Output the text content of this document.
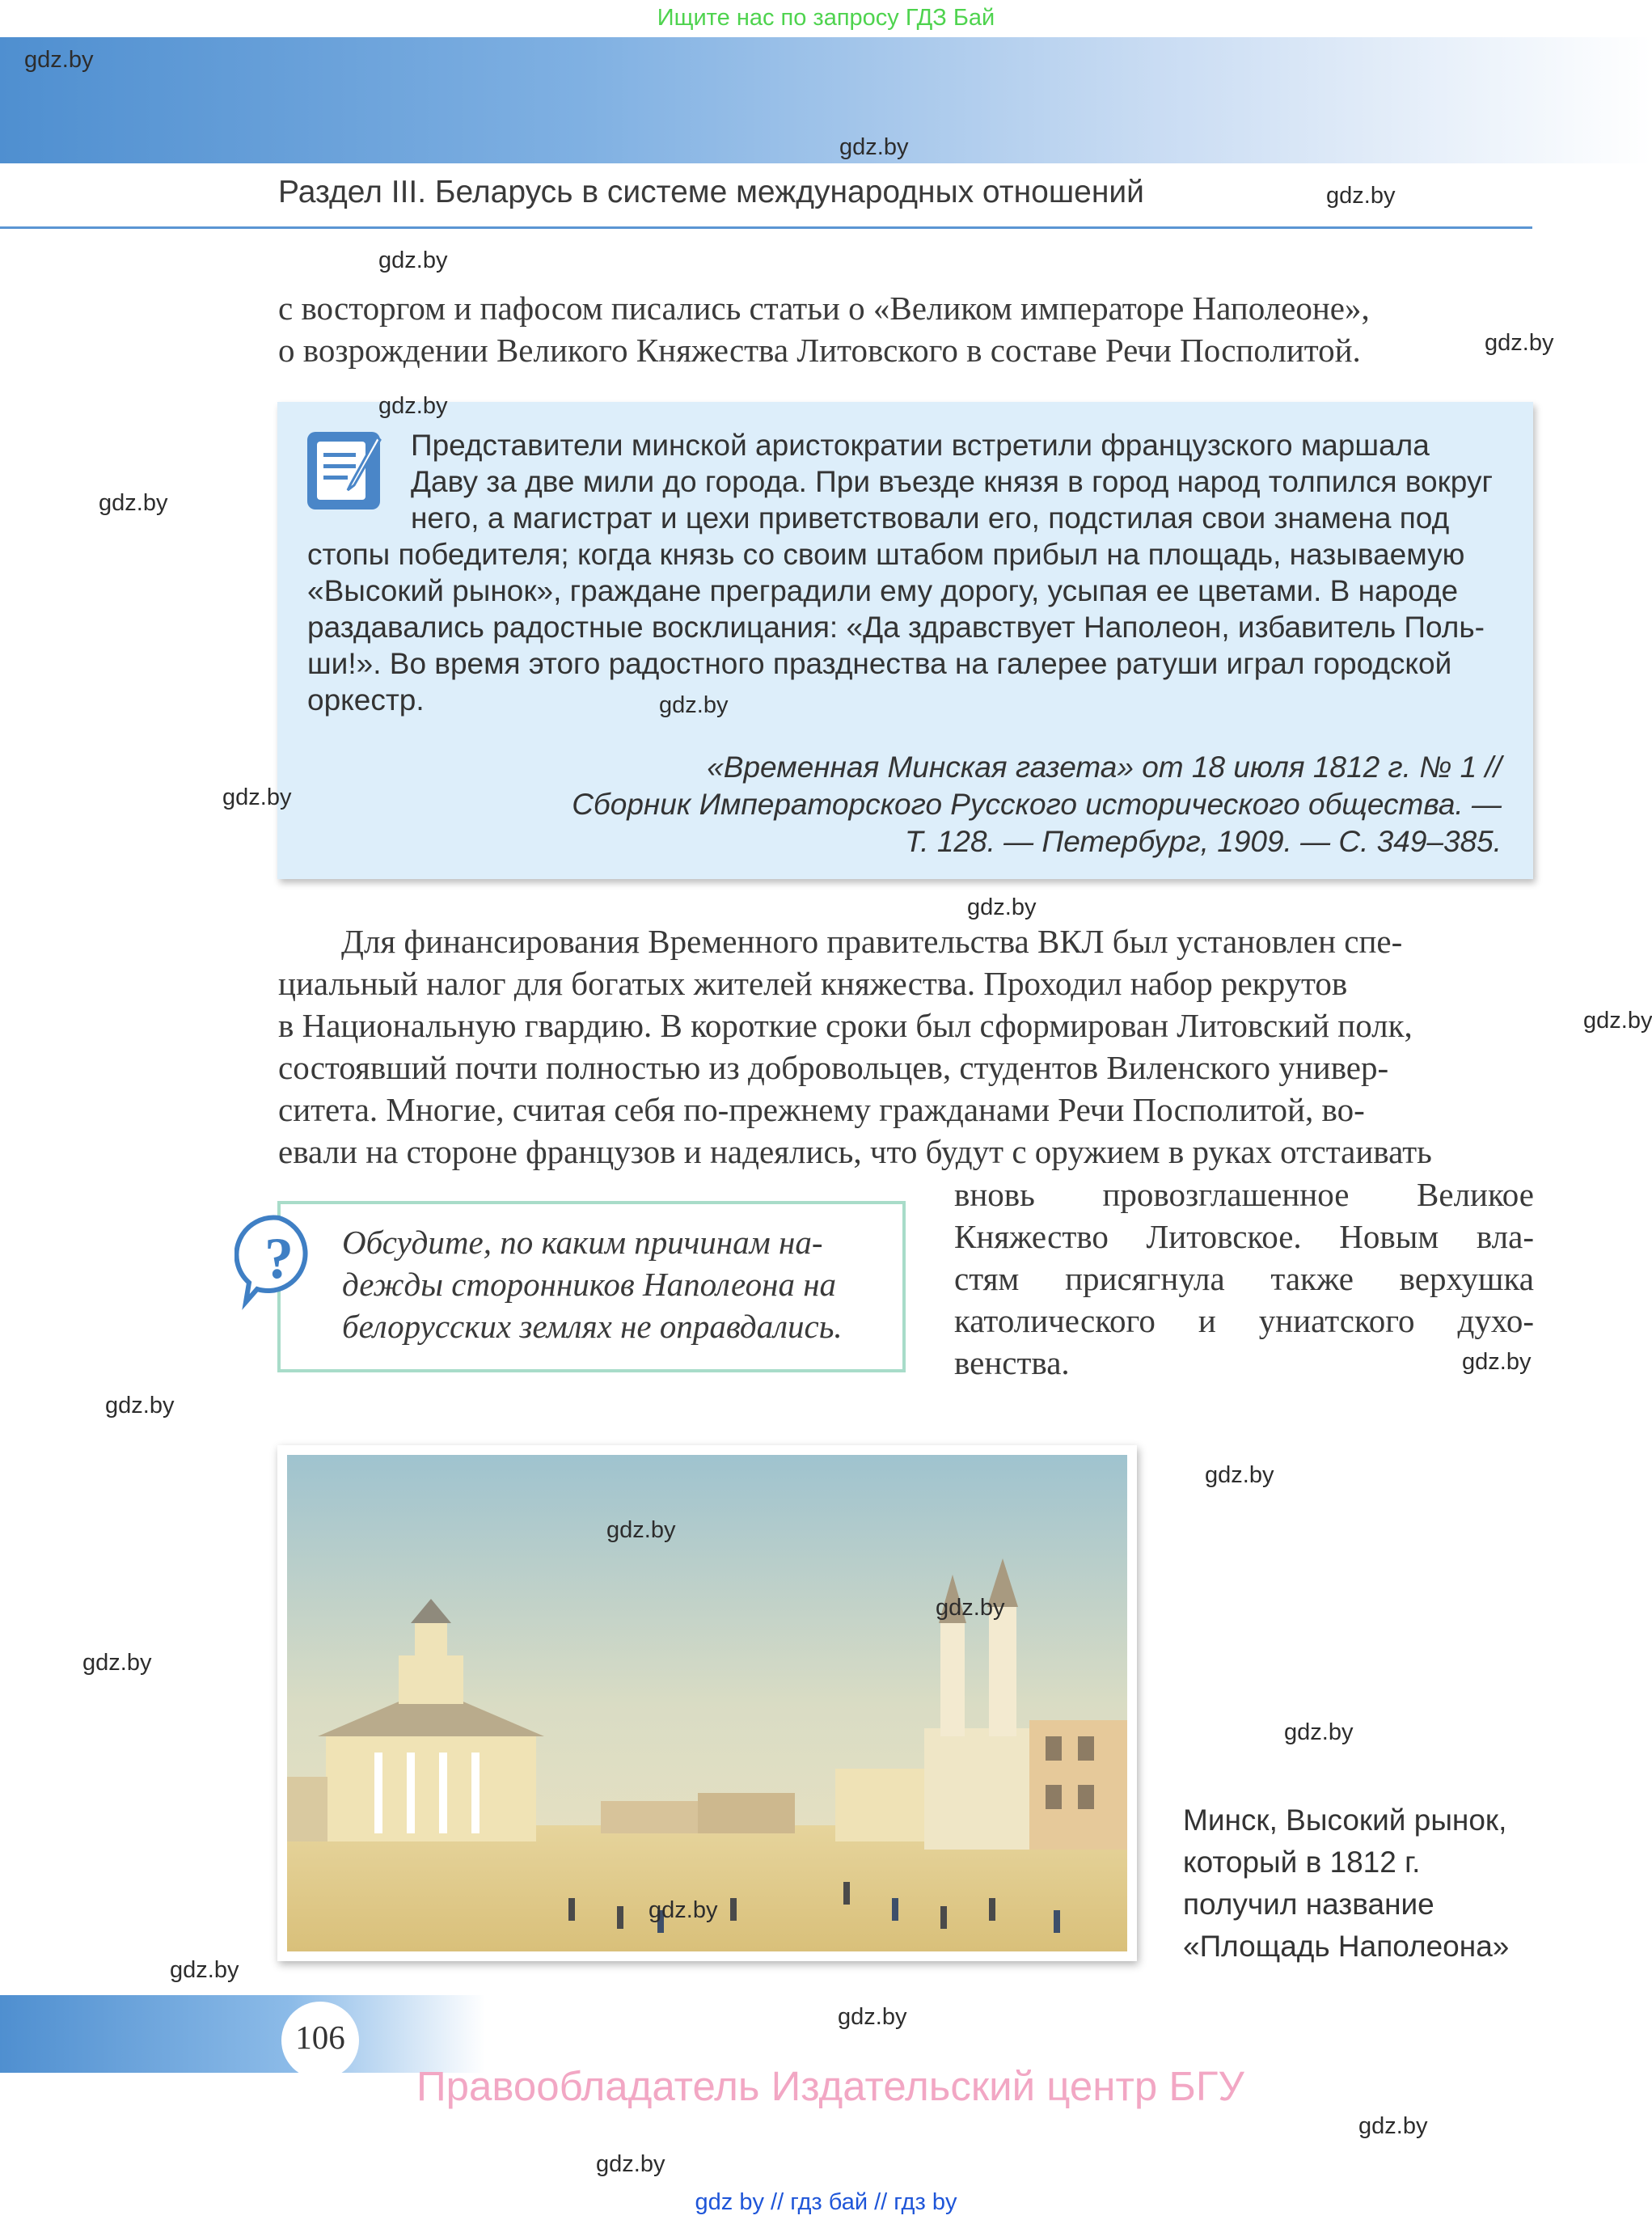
Ищите нас по запросу ГДЗ Бай
Раздел III. Беларусь в системе международных отношений
с восторгом и пафосом писались статьи о «Великом императоре Наполеоне»,
о возрождении Великого Княжества Литовского в составе Речи Посполитой.
Представители минской аристократии встретили французского маршала
Даву за две мили до города. При въезде князя в город народ толпился вокруг
него, а магистрат и цехи приветствовали его, подстилая свои знамена под
стопы победителя; когда князь со своим штабом прибыл на площадь, называемую
«Высокий рынок», граждане преградили ему дорогу, усыпая ее цветами. В народе
раздавались радостные восклицания: «Да здравствует Наполеон, избавитель Поль-
ши!». Во время этого радостного празднества на галерее ратуши играл городской
оркестр.
«Временная Минская газета» от 18 июля 1812 г. № 1 //
Сборник Императорского Русского исторического общества. —
Т. 128. — Петербург, 1909. — С. 349–385.
Для финансирования Временного правительства ВКЛ был установлен спе-
циальный налог для богатых жителей княжества. Проходил набор рекрутов
в Национальную гвардию. В короткие сроки был сформирован Литовский полк,
состоявший почти полностью из добровольцев, студентов Виленского универ-
ситета. Многие, считая себя по-прежнему гражданами Речи Посполитой, во-
евали на стороне французов и надеялись, что будут с оружием в руках отстаивать
вновь провозглашенное Великое
Княжество Литовское. Новым вла-
стям присягнула также верхушка
католического и униатского духо-
венства.
? Обсудите, по каким причинам на-
дежды сторонников Наполеона на
белорусских землях не оправдались.
Минск, Высокий рынок,
который в 1812 г.
получил название
«Площадь Наполеона»
106
Правообладатель Издательский центр БГУ
gdz by // гдз бай // гдз by
gdz.by
gdz.by
gdz.by
gdz.by
gdz.by
gdz.by
gdz.by
gdz.by
gdz.by
gdz.by
gdz.by
gdz.by
gdz.by
gdz.by
gdz.by
gdz.by
gdz.by
gdz.by
gdz.by
gdz.by
gdz.by
gdz.by
gdz.by
